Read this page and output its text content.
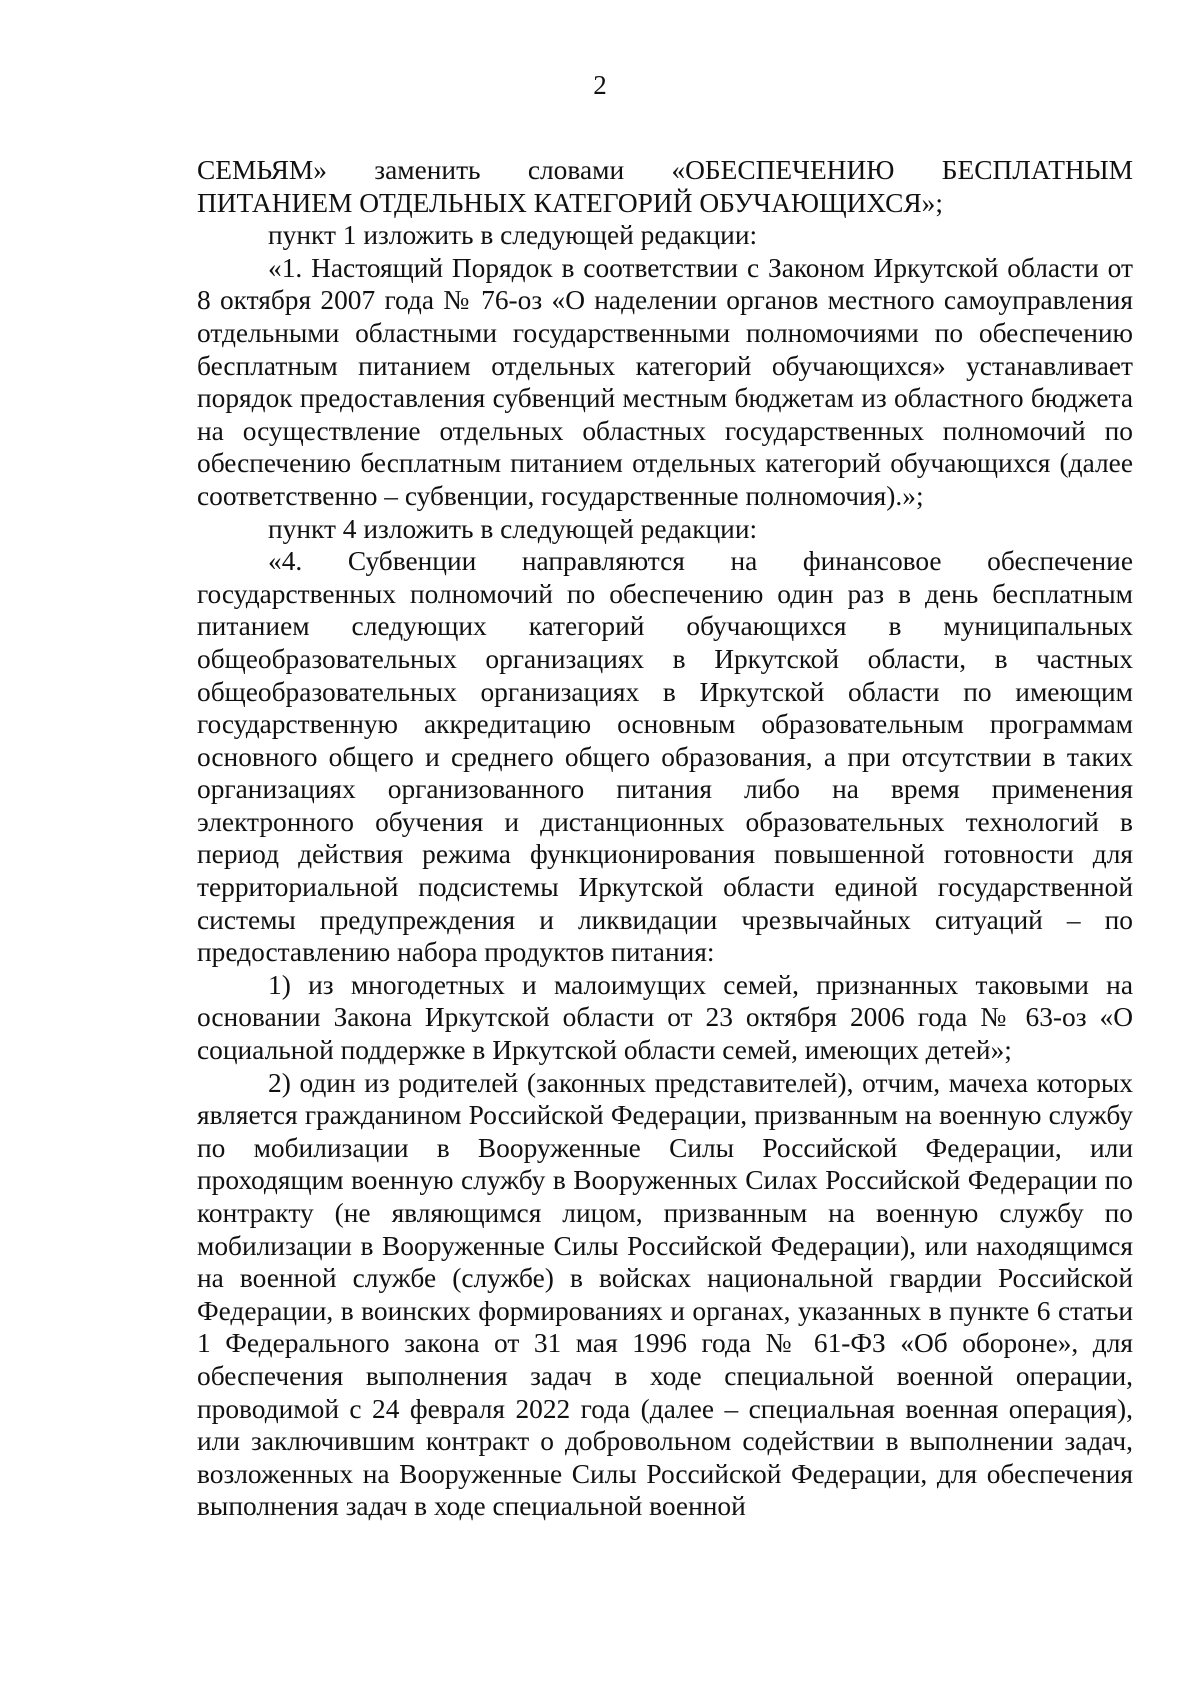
2
СЕМЬЯМ» заменить словами «ОБЕСПЕЧЕНИЮ БЕСПЛАТНЫМ
ПИТАНИЕМ ОТДЕЛЬНЫХ КАТЕГОРИЙ ОБУЧАЮЩИХСЯ»;

пункт 1 изложить в следующей редакции:

«1. Настоящий Порядок в соответствии с Законом Иркутской области от 8 октября 2007 года № 76-оз «О наделении органов местного самоуправления отдельными областными государственными полномочиями по обеспечению бесплатным питанием отдельных категорий обучающихся» устанавливает порядок предоставления субвенций местным бюджетам из областного бюджета на осуществление отдельных областных государственных полномочий по обеспечению бесплатным питанием отдельных категорий обучающихся (далее соответственно – субвенции, государственные полномочия).»;

пункт 4 изложить в следующей редакции:

«4. Субвенции направляются на финансовое обеспечение государственных полномочий по обеспечению один раз в день бесплатным питанием следующих категорий обучающихся в муниципальных общеобразовательных организациях в Иркутской области, в частных общеобразовательных организациях в Иркутской области по имеющим государственную аккредитацию основным образовательным программам основного общего и среднего общего образования, а при отсутствии в таких организациях организованного питания либо на время применения электронного обучения и дистанционных образовательных технологий в период действия режима функционирования повышенной готовности для территориальной подсистемы Иркутской области единой государственной системы предупреждения и ликвидации чрезвычайных ситуаций – по предоставлению набора продуктов питания:

1) из многодетных и малоимущих семей, признанных таковыми на основании Закона Иркутской области от 23 октября 2006 года № 63-оз «О социальной поддержке в Иркутской области семей, имеющих детей»;

2) один из родителей (законных представителей), отчим, мачеха которых является гражданином Российской Федерации, призванным на военную службу по мобилизации в Вооруженные Силы Российской Федерации, или проходящим военную службу в Вооруженных Силах Российской Федерации по контракту (не являющимся лицом, призванным на военную службу по мобилизации в Вооруженные Силы Российской Федерации), или находящимся на военной службе (службе) в войсках национальной гвардии Российской Федерации, в воинских формированиях и органах, указанных в пункте 6 статьи 1 Федерального закона от 31 мая 1996 года № 61-ФЗ «Об обороне», для обеспечения выполнения задач в ходе специальной военной операции, проводимой с 24 февраля 2022 года (далее – специальная военная операция), или заключившим контракт о добровольном содействии в выполнении задач, возложенных на Вооруженные Силы Российской Федерации, для обеспечения выполнения задач в ходе специальной военной
